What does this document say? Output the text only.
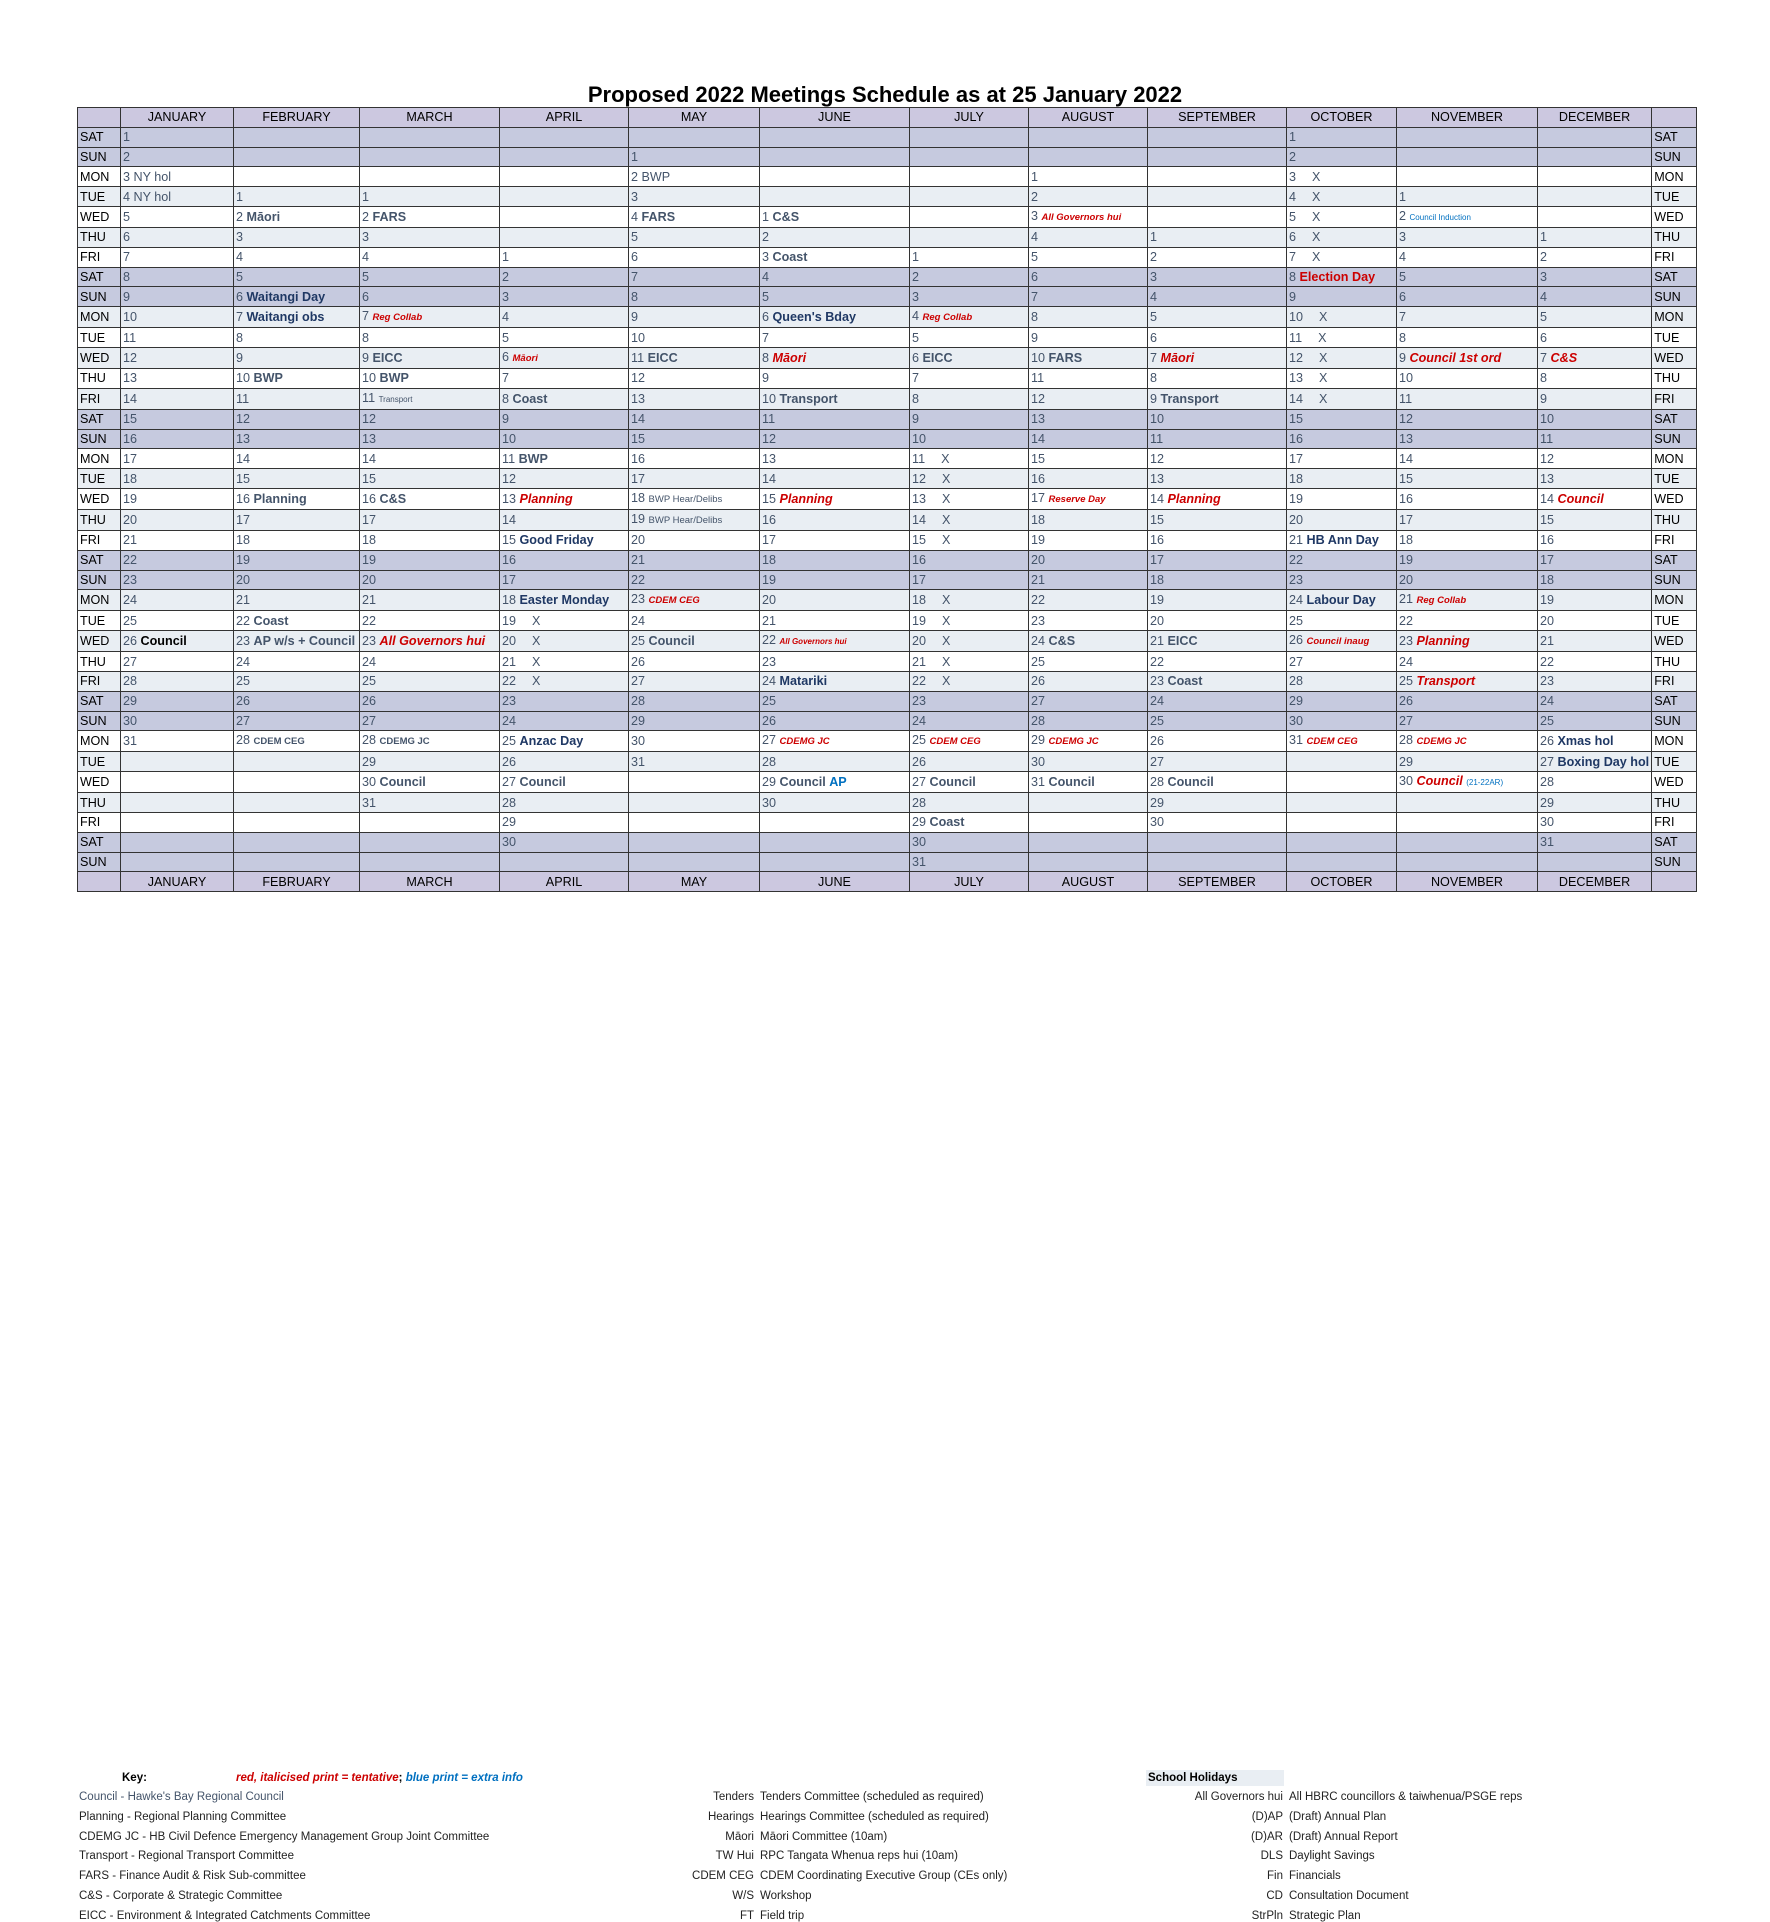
Proposed 2022 Meetings Schedule as at 25 January 2022
	JANUARY	FEBRUARY	MARCH	APRIL	MAY	JUNE	JULY	AUGUST	SEPTEMBER	OCTOBER	NOVEMBER	DECEMBER	
SAT	1									1			SAT
SUN	2				1					2			SUN
MON	3 NY hol				2 BWP			1		3 X			MON
TUE	4 NY hol	1	1		3			2		4 X	1		TUE
WED	5	2 Māori	2 FARS		4 FARS	1 C&S		3 All Governors hui		5 X	2 Council Induction		WED
THU	6	3	3		5	2		4	1	6 X	3	1	THU
FRI	7	4	4	1	6	3 Coast	1	5	2	7 X	4	2	FRI
SAT	8	5	5	2	7	4	2	6	3	8 Election Day	5	3	SAT
SUN	9	6 Waitangi Day	6	3	8	5	3	7	4	9	6	4	SUN
MON	10	7 Waitangi obs	7 Reg Collab	4	9	6 Queen's Bday	4 Reg Collab	8	5	10 X	7	5	MON
TUE	11	8	8	5	10	7	5	9	6	11 X	8	6	TUE
WED	12	9	9 EICC	6 Māori	11 EICC	8 Māori	6 EICC	10 FARS	7 Māori	12 X	9 Council 1st ord	7 C&S	WED
THU	13	10 BWP	10 BWP	7	12	9	7	11	8	13 X	10	8	THU
FRI	14	11	11 Transport	8 Coast	13	10 Transport	8	12	9 Transport	14 X	11	9	FRI
SAT	15	12	12	9	14	11	9	13	10	15	12	10	SAT
SUN	16	13	13	10	15	12	10	14	11	16	13	11	SUN
MON	17	14	14	11 BWP	16	13	11 X	15	12	17	14	12	MON
TUE	18	15	15	12	17	14	12 X	16	13	18	15	13	TUE
WED	19	16 Planning	16 C&S	13 Planning	18 BWP Hear/Delibs	15 Planning	13 X	17 Reserve Day	14 Planning	19	16	14 Council	WED
THU	20	17	17	14	19 BWP Hear/Delibs	16	14 X	18	15	20	17	15	THU
FRI	21	18	18	15 Good Friday	20	17	15 X	19	16	21 HB Ann Day	18	16	FRI
SAT	22	19	19	16	21	18	16	20	17	22	19	17	SAT
SUN	23	20	20	17	22	19	17	21	18	23	20	18	SUN
MON	24	21	21	18 Easter Monday	23 CDEM CEG	20	18 X	22	19	24 Labour Day	21 Reg Collab	19	MON
TUE	25	22 Coast	22	19 X	24	21	19 X	23	20	25	22	20	TUE
WED	26 Council	23 AP w/s + Council	23 All Governors hui	20 X	25 Council	22 All Governors hui	20 X	24 C&S	21 EICC	26 Council inaug	23 Planning	21	WED
THU	27	24	24	21 X	26	23	21 X	25	22	27	24	22	THU
FRI	28	25	25	22 X	27	24 Matariki	22 X	26	23 Coast	28	25 Transport	23	FRI
SAT	29	26	26	23	28	25	23	27	24	29	26	24	SAT
SUN	30	27	27	24	29	26	24	28	25	30	27	25	SUN
MON	31	28 CDEM CEG	28 CDEMG JC	25 Anzac Day	30	27 CDEMG JC	25 CDEM CEG	29 CDEMG JC	26	31 CDEM CEG	28 CDEMG JC	26 Xmas hol	MON
TUE			29	26	31	28	26	30	27		29	27 Boxing Day hol	TUE
WED			30 Council	27 Council		29 Council AP	27 Council	31 Council	28 Council		30 Council (21-22AR)	28	WED
THU			31	28		30	28		29			29	THU
FRI				29			29 Coast		30			30	FRI
SAT				30			30					31	SAT
SUN							31						SUN
	JANUARY	FEBRUARY	MARCH	APRIL	MAY	JUNE	JULY	AUGUST	SEPTEMBER	OCTOBER	NOVEMBER	DECEMBER	
Key:	red, italicised print = tentative; blue print = extra info	School Holidays
Council - Hawke's Bay Regional Council
Planning - Regional Planning Committee
CDEMG JC - HB Civil Defence Emergency Management Group Joint Committee
Transport - Regional Transport Committee
FARS - Finance Audit & Risk Sub-committee
C&S - Corporate & Strategic Committee
EICC - Environment & Integrated Catchments Committee
Tenders Tenders Committee (scheduled as required)
Hearings Hearings Committee (scheduled as required)
Māori Māori Committee (10am)
TW Hui RPC Tangata Whenua reps hui (10am)
CDEM CEG CDEM Coordinating Executive Group (CEs only)
W/S Workshop
FT Field trip
All Governors hui All HBRC councillors & taiwhenua/PSGE reps
(D)AP (Draft) Annual Plan
(D)AR (Draft) Annual Report
DLS Daylight Savings
Fin Financials
CD Consultation Document
StrPln Strategic Plan
